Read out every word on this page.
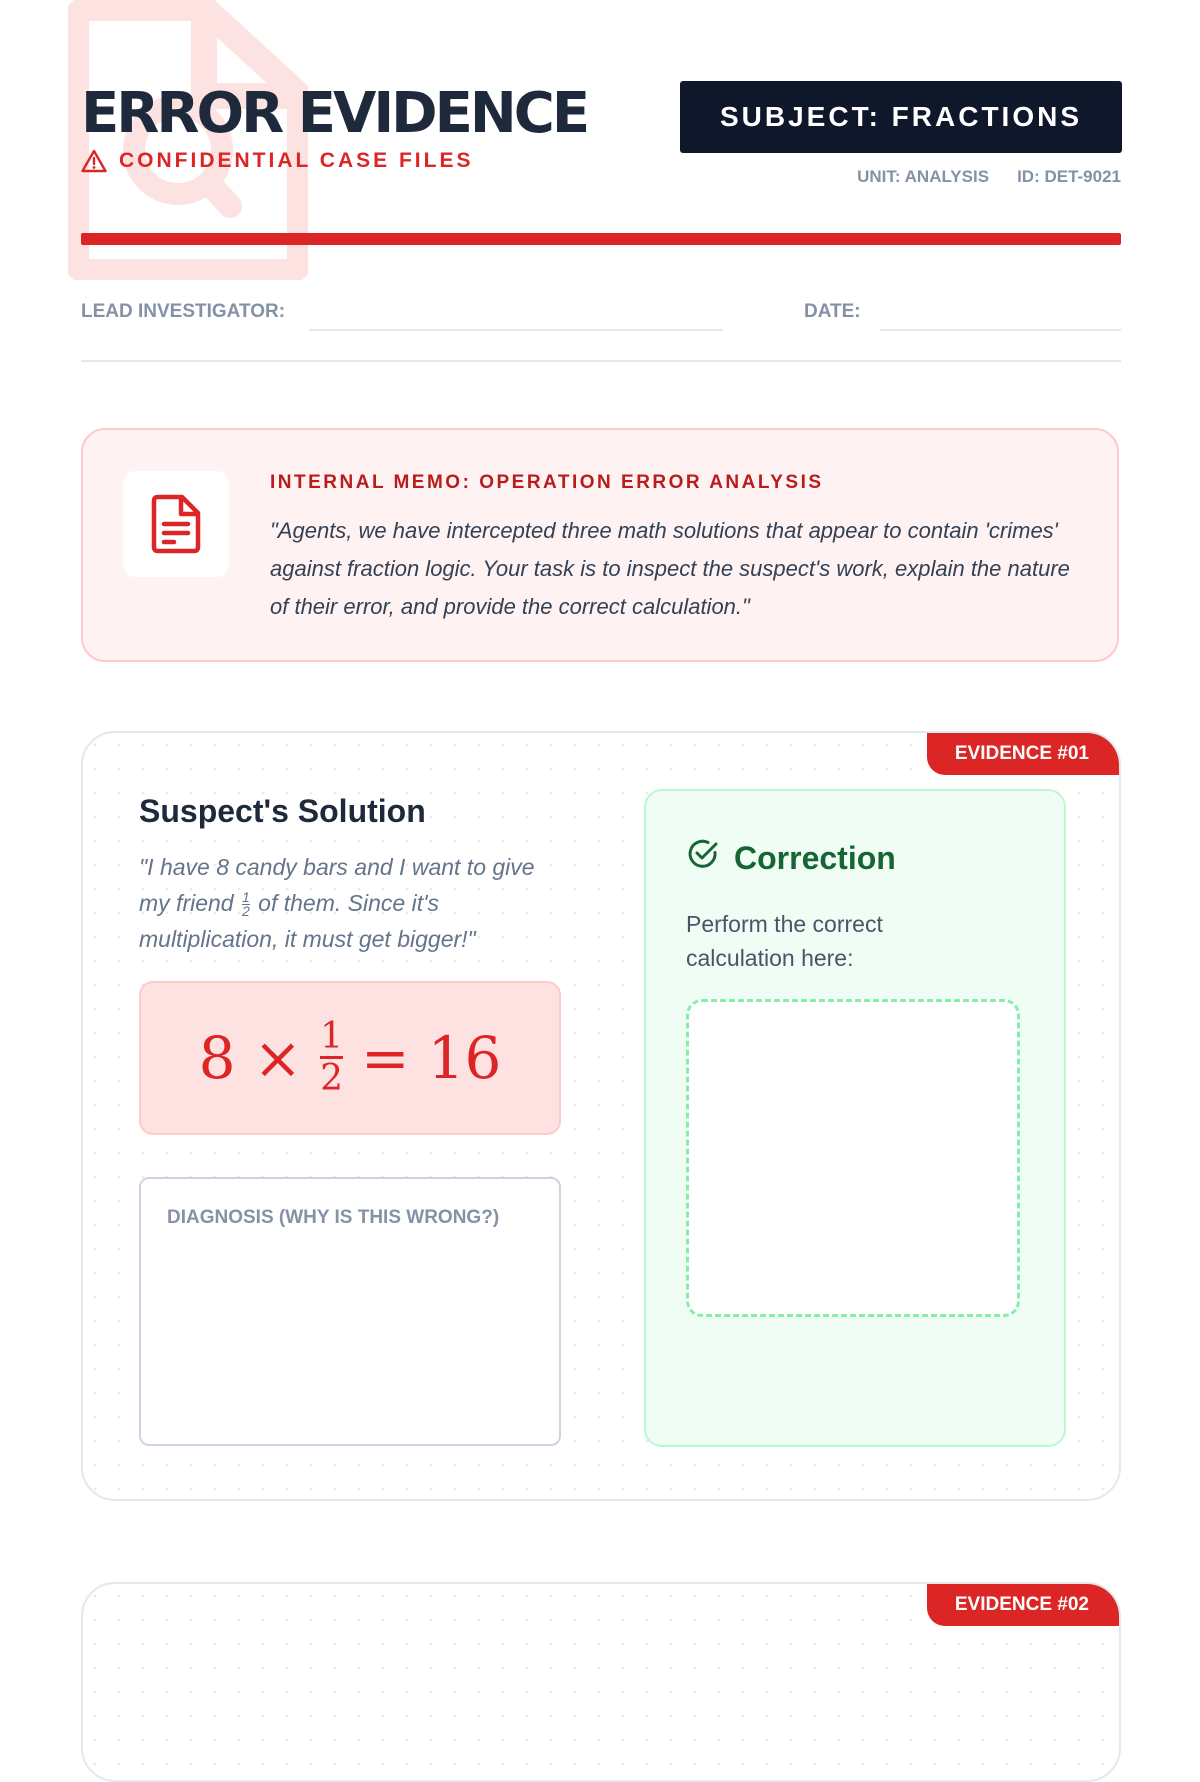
ERROR EVIDENCE
CONFIDENTIAL CASE FILES
SUBJECT: FRACTIONS
UNIT: ANALYSIS ID: DET-9021
LEAD INVESTIGATOR:	DATE:
INTERNAL MEMO: OPERATION ERROR ANALYSIS

"Agents, we have intercepted three math solutions that appear to contain 'crimes' against fraction logic. Your task is to inspect the suspect's work, explain the nature of their error, and provide the correct calculation."

EVIDENCE #01
Suspect's Solution

"I have 8 candy bars and I want to give my friend $\frac{1}{2}$ of them. Since it's multiplication, it must get bigger!"

$8 \times \frac{1}{2} = 16$
DIAGNOSIS (WHY IS THIS WRONG?)
Correction

Perform the correct calculation here:

EVIDENCE #02
